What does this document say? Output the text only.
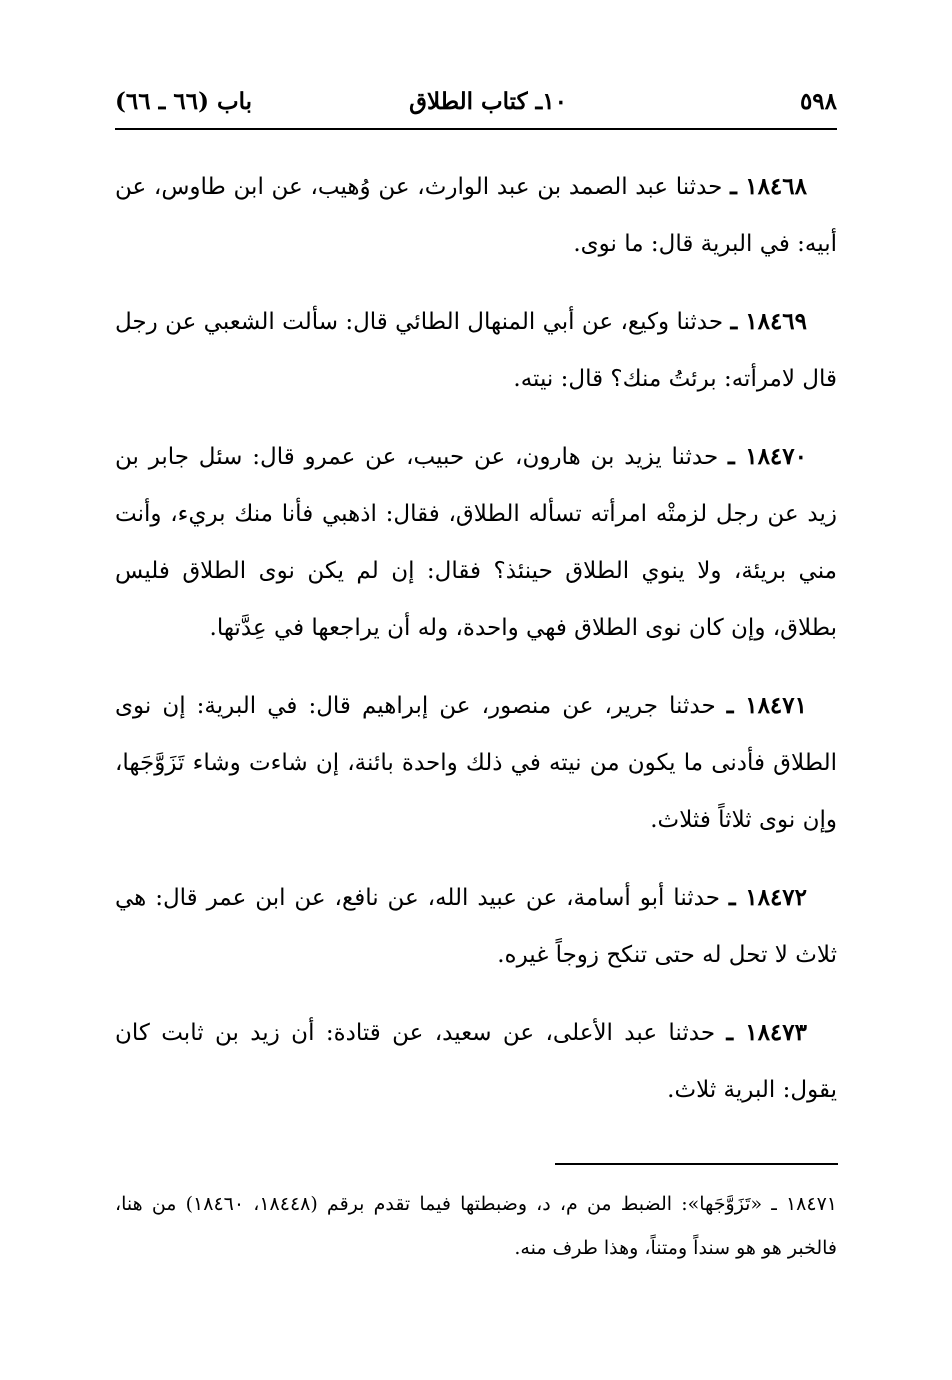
٥٩٨
١٠ـ كتاب الطلاق
باب (٦٦ ـ ٦٦)

١٨٤٦٨ ـ حدثنا عبد الصمد بن عبد الوارث، عن وُهيب، عن ابن طاوس، عن أبيه: في البرية قال: ما نوى.

١٨٤٦٩ ـ حدثنا وكيع، عن أبي المنهال الطائي قال: سألت الشعبي عن رجل قال لامرأته: برئتُ منك؟ قال: نيته.

١٨٤٧٠ ـ حدثنا يزيد بن هارون، عن حبيب، عن عمرو قال: سئل جابر بن زيد عن رجل لزمتْه امرأته تسأله الطلاق، فقال: اذهبي فأنا منك بريء، وأنت مني بريئة، ولا ينوي الطلاق حينئذ؟ فقال: إن لم يكن نوى الطلاق فليس بطلاق، وإن كان نوى الطلاق فهي واحدة، وله أن يراجعها في عِدَّتها.

١٨٤٧١ ـ حدثنا جرير، عن منصور، عن إبراهيم قال: في البرية: إن نوى الطلاق فأدنى ما يكون من نيته في ذلك واحدة بائنة، إن شاءت وشاء تَزَوَّجَها، وإن نوى ثلاثاً فثلاث.

١٨٤٧٢ ـ حدثنا أبو أسامة، عن عبيد الله، عن نافع، عن ابن عمر قال: هي ثلاث لا تحل له حتى تنكح زوجاً غيره.

١٨٤٧٣ ـ حدثنا عبد الأعلى، عن سعيد، عن قتادة: أن زيد بن ثابت كان يقول: البرية ثلاث.

١٨٤٧١ ـ «تَزَوَّجَها»: الضبط من م، د، وضبطتها فيما تقدم برقم (١٨٤٤٨، ١٨٤٦٠) من هنا، فالخبر هو هو سنداً ومتناً، وهذا طرف منه.
